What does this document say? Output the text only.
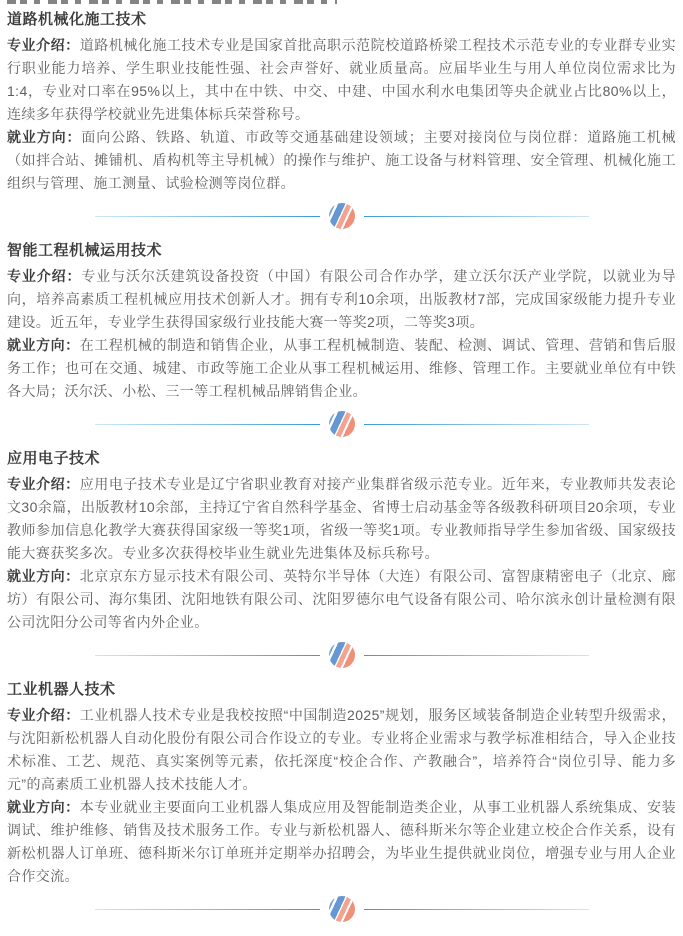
道路机械化施工技术

专业介绍：道路机械化施工技术专业是国家首批高职示范院校道路桥梁工程技术示范专业的专业群专业实行职业能力培养、学生职业技能性强、社会声誉好、就业质量高。应届毕业生与用人单位岗位需求比为1:4，专业对口率在95%以上，其中在中铁、中交、中建、中国水利水电集团等央企就业占比80%以上，连续多年获得学校就业先进集体标兵荣誉称号。

就业方向：面向公路、铁路、轨道、市政等交通基础建设领域；主要对接岗位与岗位群：道路施工机械（如拌合站、摊铺机、盾构机等主导机械）的操作与维护、施工设备与材料管理、安全管理、机械化施工组织与管理、施工测量、试验检测等岗位群。

智能工程机械运用技术

专业介绍：专业与沃尔沃建筑设备投资（中国）有限公司合作办学，建立沃尔沃产业学院，以就业为导向，培养高素质工程机械应用技术创新人才。拥有专利10余项，出版教材7部，完成国家级能力提升专业建设。近五年，专业学生获得国家级行业技能大赛一等奖2项，二等奖3项。

就业方向：在工程机械的制造和销售企业，从事工程机械制造、装配、检测、调试、管理、营销和售后服务工作；也可在交通、城建、市政等施工企业从事工程机械运用、维修、管理工作。主要就业单位有中铁各大局；沃尔沃、小松、三一等工程机械品牌销售企业。

应用电子技术

专业介绍：应用电子技术专业是辽宁省职业教育对接产业集群省级示范专业。近年来，专业教师共发表论文30余篇，出版教材10余部，主持辽宁省自然科学基金、省博士启动基金等各级教科研项目20余项，专业教师参加信息化教学大赛获得国家级一等奖1项，省级一等奖1项。专业教师指导学生参加省级、国家级技能大赛获奖多次。专业多次获得校毕业生就业先进集体及标兵称号。

就业方向：北京京东方显示技术有限公司、英特尔半导体（大连）有限公司、富智康精密电子（北京、廊坊）有限公司、海尔集团、沈阳地铁有限公司、沈阳罗德尔电气设备有限公司、哈尔滨永创计量检测有限公司沈阳分公司等省内外企业。

工业机器人技术

专业介绍：工业机器人技术专业是我校按照“中国制造2025”规划，服务区域装备制造企业转型升级需求，与沈阳新松机器人自动化股份有限公司合作设立的专业。专业将企业需求与教学标准相结合，导入企业技术标准、工艺、规范、真实案例等元素，依托深度“校企合作、产教融合”，培养符合“岗位引导、能力多元”的高素质工业机器人技术技能人才。

就业方向：本专业就业主要面向工业机器人集成应用及智能制造类企业，从事工业机器人系统集成、安装调试、维护维修、销售及技术服务工作。专业与新松机器人、德科斯米尔等企业建立校企合作关系，设有新松机器人订单班、德科斯米尔订单班并定期举办招聘会，为毕业生提供就业岗位，增强专业与用人企业合作交流。
